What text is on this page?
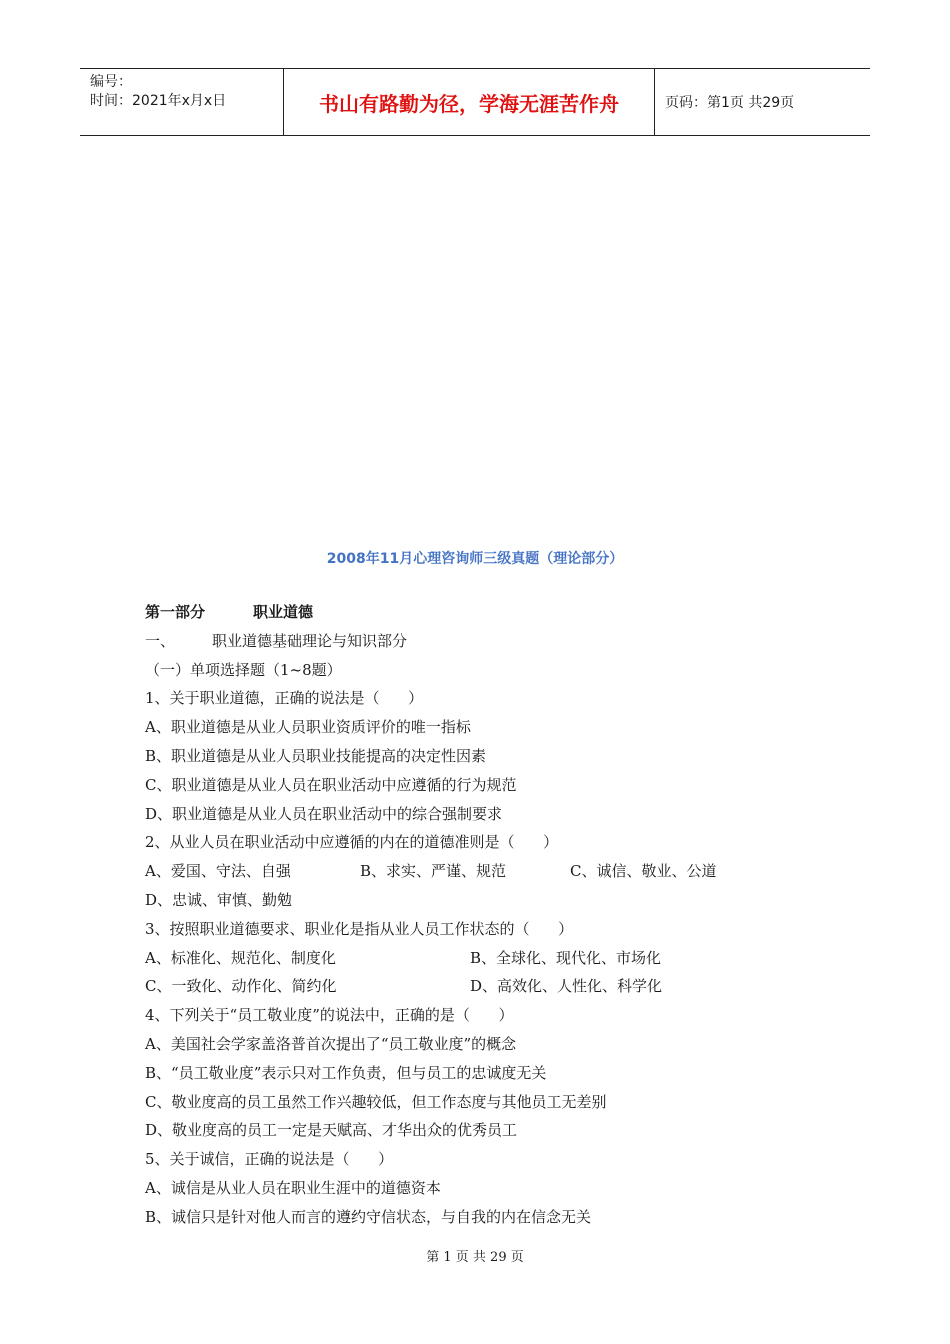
编号：
时间：2021年x月x日	书山有路勤为径，学海无涯苦作舟	页码：第1页 共29页
2008年11月心理咨询师三级真题（理论部分）
第一部分	职业道德
一、 职业道德基础理论与知识部分
（一）单项选择题（1~8题）
1、关于职业道德，正确的说法是（      ）
A、职业道德是从业人员职业资质评价的唯一指标
B、职业道德是从业人员职业技能提高的决定性因素
C、职业道德是从业人员在职业活动中应遵循的行为规范
D、职业道德是从业人员在职业活动中的综合强制要求
2、从业人员在职业活动中应遵循的内在的道德准则是（      ）
A、爱国、守法、自强	B、求实、严谨、规范	C、诚信、敬业、公道
D、忠诚、审慎、勤勉
3、按照职业道德要求、职业化是指从业人员工作状态的（      ）
A、标准化、规范化、制度化	B、全球化、现代化、市场化
C、一致化、动作化、简约化	D、高效化、人性化、科学化
4、下列关于“员工敬业度”的说法中，正确的是（      ）
A、美国社会学家盖洛普首次提出了“员工敬业度”的概念
B、“员工敬业度”表示只对工作负责，但与员工的忠诚度无关
C、敬业度高的员工虽然工作兴趣较低，但工作态度与其他员工无差别
D、敬业度高的员工一定是天赋高、才华出众的优秀员工
5、关于诚信，正确的说法是（      ）
A、诚信是从业人员在职业生涯中的道德资本
B、诚信只是针对他人而言的遵约守信状态，与自我的内在信念无关
第 1 页 共 29 页
